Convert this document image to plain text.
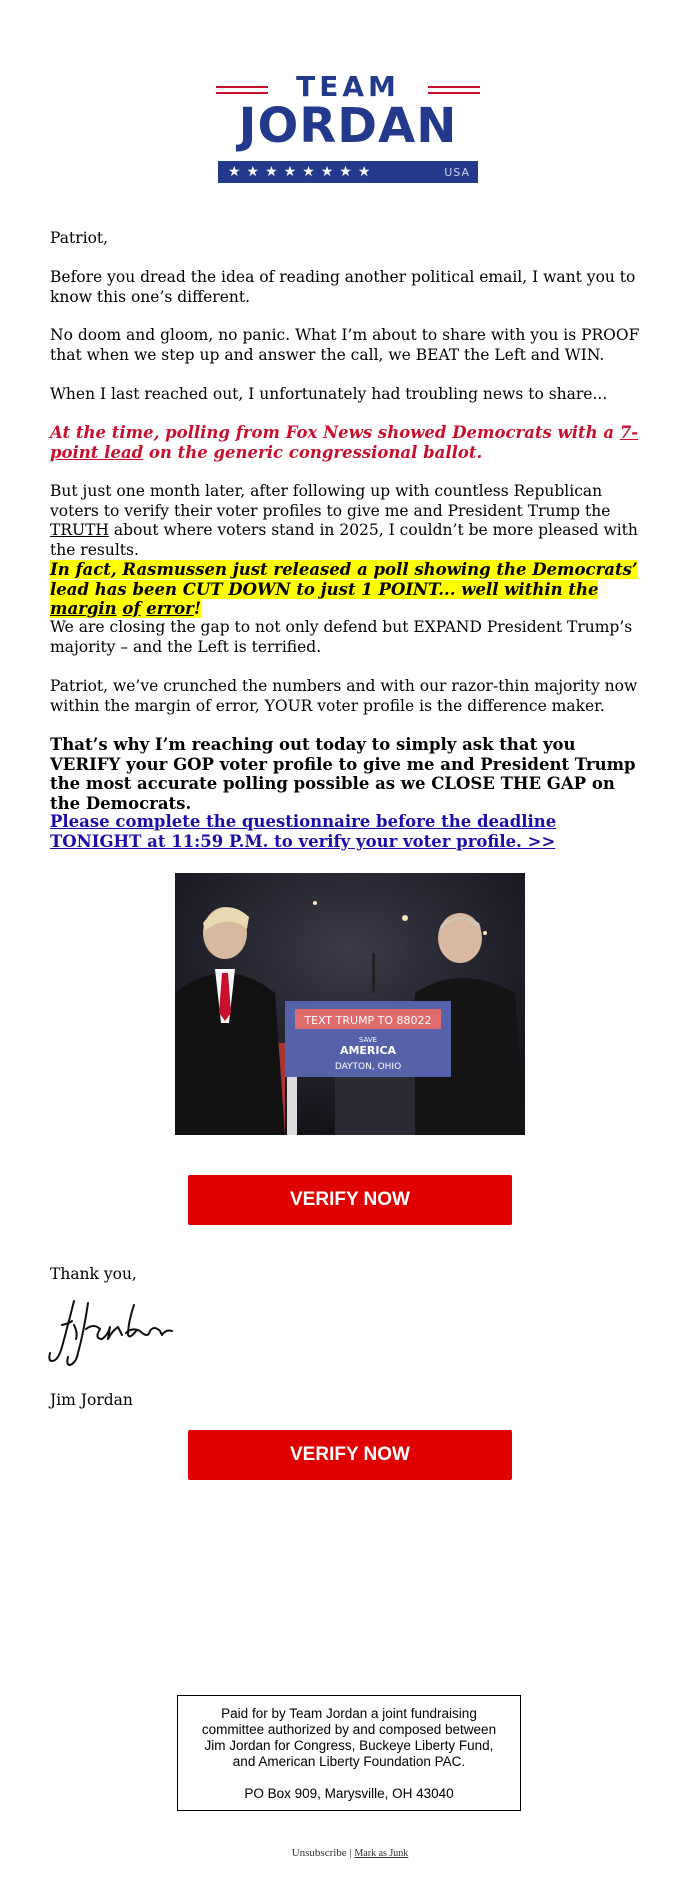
TEAM
JORDAN
★★★★★★★★	USA
Patriot,
Before you dread the idea of reading another political email, I want you to know this one’s different.
No doom and gloom, no panic. What I’m about to share with you is PROOF that when we step up and answer the call, we BEAT the Left and WIN.
When I last reached out, I unfortunately had troubling news to share...
At the time, polling from Fox News showed Democrats with a 7-point lead on the generic congressional ballot.
But just one month later, after following up with countless Republican voters to verify their voter profiles to give me and President Trump the TRUTH about where voters stand in 2025, I couldn’t be more pleased with the results.
In fact, Rasmussen just released a poll showing the Democrats’ lead has been CUT DOWN to just 1 POINT... well within the margin of error!
We are closing the gap to not only defend but EXPAND President Trump’s majority – and the Left is terrified.
Patriot, we’ve crunched the numbers and with our razor-thin majority now within the margin of error, YOUR voter profile is the difference maker.
That’s why I’m reaching out today to simply ask that you VERIFY your GOP voter profile to give me and President Trump the most accurate polling possible as we CLOSE THE GAP on the Democrats.
Please complete the questionnaire before the deadline TONIGHT at 11:59 P.M. to verify your voter profile. >>
TEXT TRUMP TO 88022
SAVE
AMERICA
DAYTON, OHIO
VERIFY NOW
Thank you,
Jim Jordan
VERIFY NOW
Paid for by Team Jordan a joint fundraising committee authorized by and composed between Jim Jordan for Congress, Buckeye Liberty Fund, and American Liberty Foundation PAC.
PO Box 909, Marysville, OH 43040
Unsubscribe | Mark as Junk
